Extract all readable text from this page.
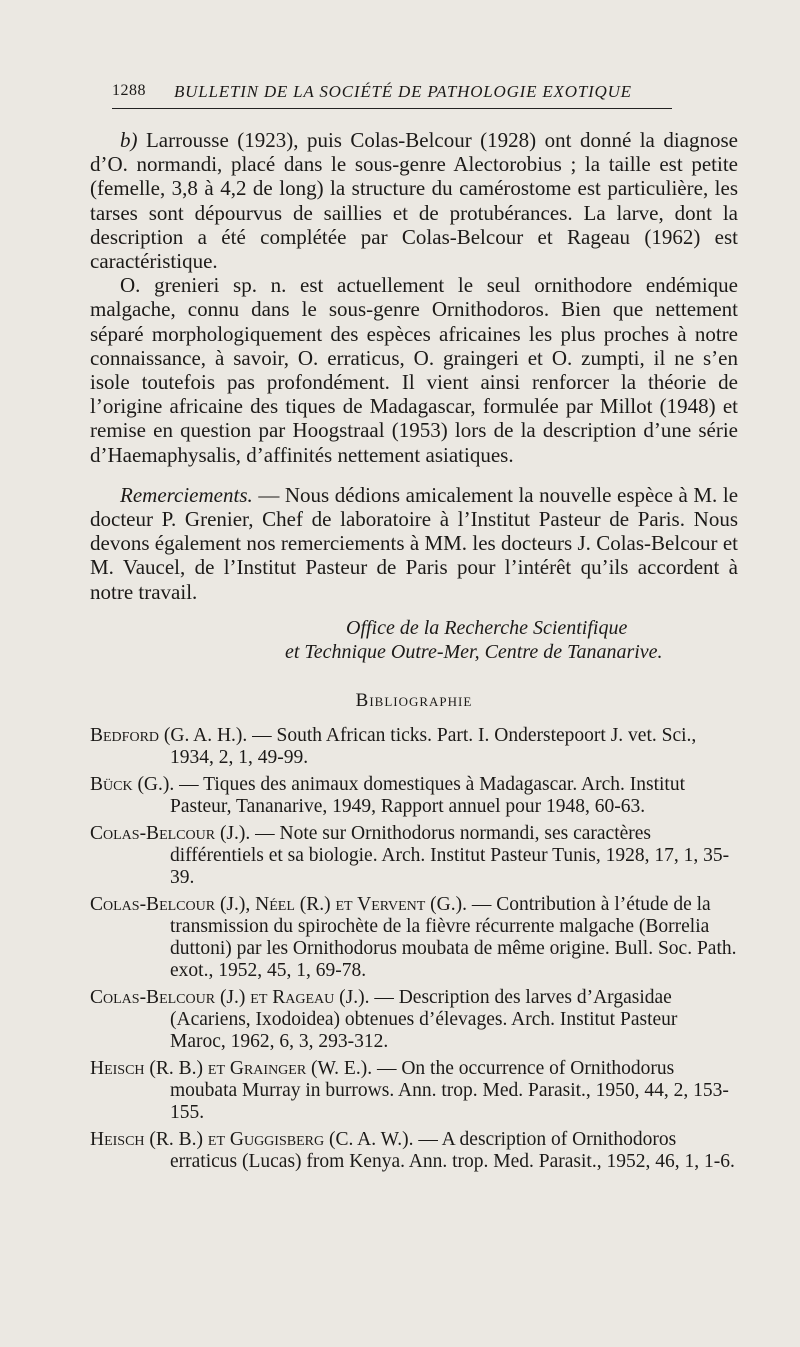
1288 BULLETIN DE LA SOCIÉTÉ DE PATHOLOGIE EXOTIQUE

b) Larrousse (1923), puis Colas-Belcour (1928) ont donné la diagnose d’O. normandi, placé dans le sous-genre Alectorobius ; la taille est petite (femelle, 3,8 à 4,2 de long) la structure du camérostome est particulière, les tarses sont dépourvus de saillies et de protubérances. La larve, dont la description a été complétée par Colas-Belcour et Rageau (1962) est caractéristique.

O. grenieri sp. n. est actuellement le seul ornithodore endémique malgache, connu dans le sous-genre Ornithodoros. Bien que nettement séparé morphologiquement des espèces africaines les plus proches à notre connaissance, à savoir, O. erraticus, O. graingeri et O. zumpti, il ne s’en isole toutefois pas profondément. Il vient ainsi renforcer la théorie de l’origine africaine des tiques de Madagascar, formulée par Millot (1948) et remise en question par Hoogstraal (1953) lors de la description d’une série d’Haemaphysalis, d’affinités nettement asiatiques.

Remerciements. — Nous dédions amicalement la nouvelle espèce à M. le docteur P. Grenier, Chef de laboratoire à l’Institut Pasteur de Paris. Nous devons également nos remerciements à MM. les docteurs J. Colas-Belcour et M. Vaucel, de l’Institut Pasteur de Paris pour l’intérêt qu’ils accordent à notre travail.

Office de la Recherche Scientifique
et Technique Outre-Mer, Centre de Tananarive.
Bibliographie
Bedford (G. A. H.). — South African ticks. Part. I. Onderstepoort J. vet. Sci., 1934, 2, 1, 49-99.
Bück (G.). — Tiques des animaux domestiques à Madagascar. Arch. Institut Pasteur, Tananarive, 1949, Rapport annuel pour 1948, 60-63.
Colas-Belcour (J.). — Note sur Ornithodorus normandi, ses caractères différentiels et sa biologie. Arch. Institut Pasteur Tunis, 1928, 17, 1, 35-39.
Colas-Belcour (J.), Néel (R.) et Vervent (G.). — Contribution à l’étude de la transmission du spirochète de la fièvre récurrente malgache (Borrelia duttoni) par les Ornithodorus moubata de même origine. Bull. Soc. Path. exot., 1952, 45, 1, 69-78.
Colas-Belcour (J.) et Rageau (J.). — Description des larves d’Argasidae (Acariens, Ixodoidea) obtenues d’élevages. Arch. Institut Pasteur Maroc, 1962, 6, 3, 293-312.
Heisch (R. B.) et Grainger (W. E.). — On the occurrence of Ornithodorus moubata Murray in burrows. Ann. trop. Med. Parasit., 1950, 44, 2, 153-155.
Heisch (R. B.) et Guggisberg (C. A. W.). — A description of Ornithodoros erraticus (Lucas) from Kenya. Ann. trop. Med. Parasit., 1952, 46, 1, 1-6.
